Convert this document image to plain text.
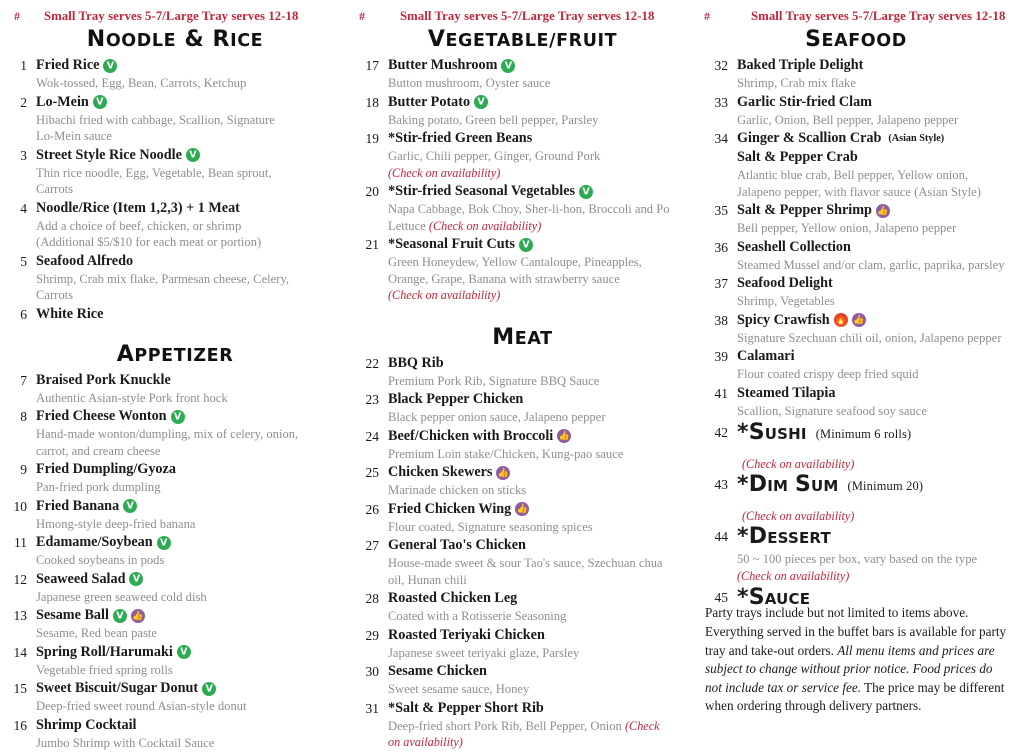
#	Small Tray serves 5-7/Large Tray serves 12-18
NOODLE & RICE
1 Fried Rice
V
Wok-tossed, Egg, Bean, Carrots, Ketchup
2 Lo-Mein
V
Hibachi fried with cabbage, Scallion, Signature
Lo-Mein sauce
3 Street Style Rice Noodle
V
Thin rice noodle, Egg, Vegetable, Bean sprout,
Carrots
4 Noodle/Rice (Item 1,2,3) + 1 Meat
Add a choice of beef, chicken, or shrimp
(Additional $5/$10 for each meat or portion)
5 Seafood Alfredo
Shrimp, Crab mix flake, Parmesan cheese, Celery,
Carrots
6 White Rice
APPETIZER
7 Braised Pork Knuckle
Authentic Asian-style Pork front hock
8 Fried Cheese Wonton
V
Hand-made wonton/dumpling, mix of celery, onion,
carrot, and cream cheese
9 Fried Dumpling/Gyoza
Pan-fried pork dumpling
10 Fried Banana
V
Hmong-style deep-fried banana
11 Edamame/Soybean
V
Cooked soybeans in pods
12 Seaweed Salad
V
Japanese green seaweed cold dish
13 Sesame Ball
V
👍
Sesame, Red bean paste
14 Spring Roll/Harumaki
V
Vegetable fried spring rolls
15 Sweet Biscuit/Sugar Donut
V
Deep-fried sweet round Asian-style donut
16 Shrimp Cocktail
Jumbo Shrimp with Cocktail Sauce
#	Small Tray serves 5-7/Large Tray serves 12-18
VEGETABLE/FRUIT
17 Butter Mushroom
V
Button mushroom, Oyster sauce
18 Butter Potato
V
Baking potato, Green bell pepper, Parsley
19 *Stir-fried Green Beans
Garlic, Chili pepper, Ginger, Ground Pork
(Check on availability)
20 *Stir-fried Seasonal Vegetables
V
Napa Cabbage, Bok Choy, Sher-li-hon, Broccoli and Po
Lettuce (Check on availability)
21 *Seasonal Fruit Cuts
V
Green Honeydew, Yellow Cantaloupe, Pineapples,
Orange, Grape, Banana with strawberry sauce
(Check on availability)
MEAT
22 BBQ Rib
Premium Pork Rib, Signature BBQ Sauce
23 Black Pepper Chicken
Black pepper onion sauce, Jalapeno pepper
24 Beef/Chicken with Broccoli
👍
Premium Loin stake/Chicken, Kung-pao sauce
25 Chicken Skewers
👍
Marinade chicken on sticks
26 Fried Chicken Wing
👍
Flour coated, Signature seasoning spices
27 General Tao's Chicken
House-made sweet & sour Tao's sauce, Szechuan chua
oil, Hunan chili
28 Roasted Chicken Leg
Coated with a Rotisserie Seasoning
29 Roasted Teriyaki Chicken
Japanese sweet teriyaki glaze, Parsley
30 Sesame Chicken
Sweet sesame sauce, Honey
31 *Salt & Pepper Short Rib
Deep-fried short Pork Rib, Bell Pepper, Onion (Check
on availability)
#	Small Tray serves 5-7/Large Tray serves 12-18
SEAFOOD
32 Baked Triple Delight
Shrimp, Crab mix flake
33 Garlic Stir-fried Clam
Garlic, Onion, Bell pepper, Jalapeno pepper
34 Ginger & Scallion Crab (Asian Style)
Salt & Pepper Crab
Atlantic blue crab, Bell pepper, Yellow onion,
Jalapeno pepper, with flavor sauce (Asian Style)
35 Salt & Pepper Shrimp
👍
Bell pepper, Yellow onion, Jalapeno pepper
36 Seashell Collection
Steamed Mussel and/or clam, garlic, paprika, parsley
37 Seafood Delight
Shrimp, Vegetables
38 Spicy Crawfish
🔥
👍
Signature Szechuan chili oil, onion, Jalapeno pepper
39 Calamari
Flour coated crispy deep fried squid
41 Steamed Tilapia
Scallion, Signature seafood soy sauce
42 *SUSHI (Minimum 6 rolls)
(Check on availability)
43 *DIM SUM (Minimum 20)
(Check on availability)
44 *DESSERT
50 ~ 100 pieces per box, vary based on the type
(Check on availability)
45 *SAUCE
Party trays include but not limited to items above. Everything served in the buffet bars is available for party tray and take-out orders. All menu items and prices are subject to change without prior notice. Food prices do not include tax or service fee. The price may be different when ordering through delivery partners.
